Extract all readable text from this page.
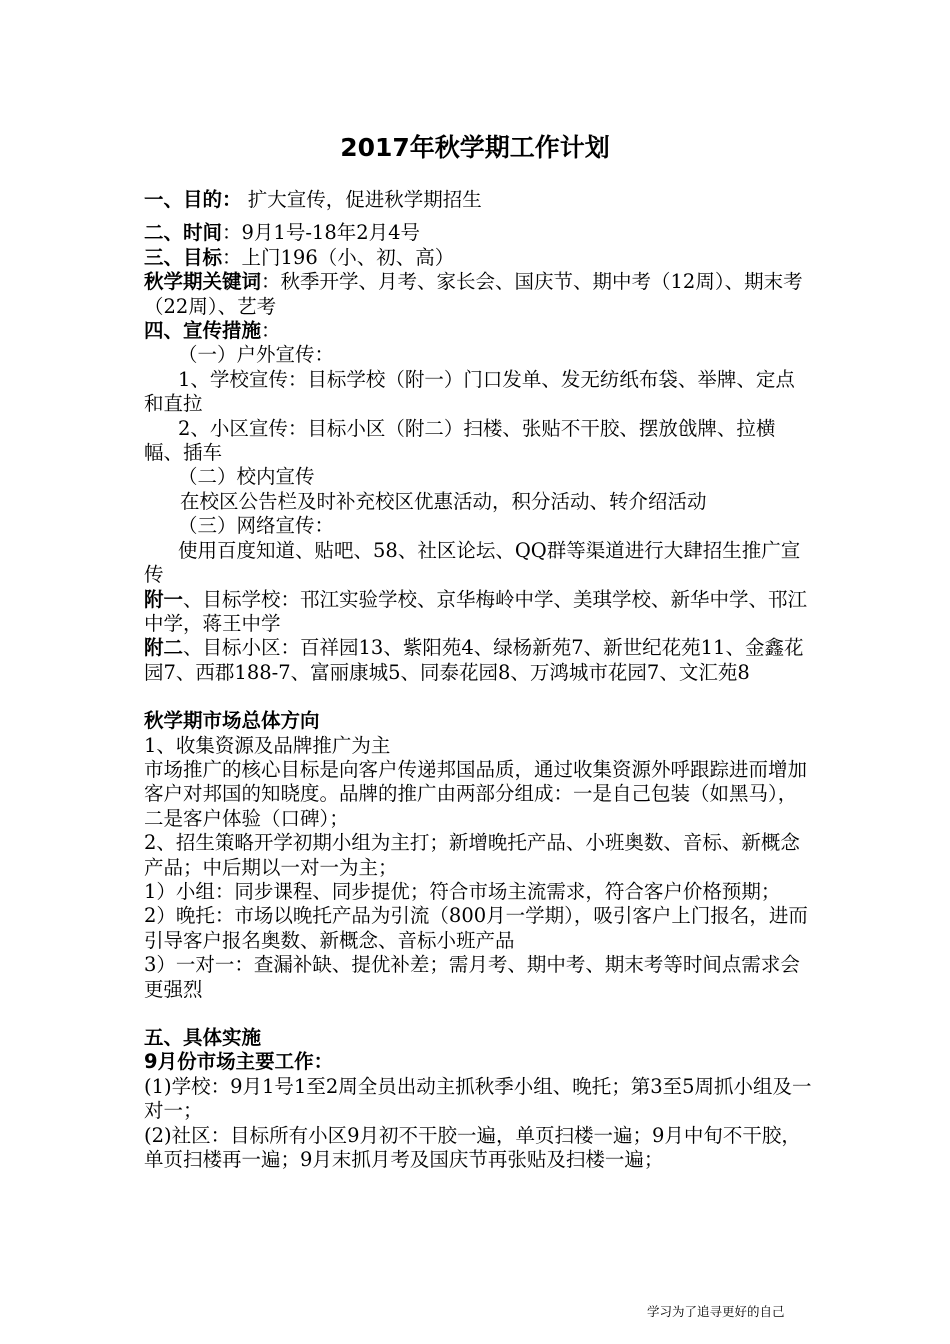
2017年秋学期工作计划

一、目的： 扩大宣传，促进秋学期招生

二、时间：9月1号-18年2月4号

三、目标：上门196（小、初、高）

秋学期关键词：秋季开学、月考、家长会、国庆节、期中考（12周）、期末考（22周）、艺考

四、宣传措施：

（一）户外宣传：

1、学校宣传：目标学校（附一）门口发单、发无纺纸布袋、举牌、定点和直拉

2、小区宣传：目标小区（附二）扫楼、张贴不干胶、摆放戗牌、拉横幅、插车

（二）校内宣传

在校区公告栏及时补充校区优惠活动，积分活动、转介绍活动

（三）网络宣传：

使用百度知道、贴吧、58、社区论坛、QQ群等渠道进行大肆招生推广宣传

附一、目标学校：邗江实验学校、京华梅岭中学、美琪学校、新华中学、邗江中学，蒋王中学

附二、目标小区：百祥园13、紫阳苑4、绿杨新苑7、新世纪花苑11、金鑫花园7、西郡188-7、富丽康城5、同泰花园8、万鸿城市花园7、文汇苑8

秋学期市场总体方向

1、收集资源及品牌推广为主

市场推广的核心目标是向客户传递邦国品质，通过收集资源外呼跟踪进而增加客户对邦国的知晓度。品牌的推广由两部分组成：一是自己包装（如黑马），二是客户体验（口碑）；

2、招生策略开学初期小组为主打；新增晚托产品、小班奥数、音标、新概念产品；中后期以一对一为主；

1）小组：同步课程、同步提优；符合市场主流需求，符合客户价格预期；

2）晚托：市场以晚托产品为引流（800月一学期），吸引客户上门报名，进而引导客户报名奥数、新概念、音标小班产品

3）一对一：查漏补缺、提优补差；需月考、期中考、期末考等时间点需求会更强烈

五、具体实施

9月份市场主要工作：

(1)学校：9月1号1至2周全员出动主抓秋季小组、晚托；第3至5周抓小组及一对一；

(2)社区：目标所有小区9月初不干胶一遍，单页扫楼一遍；9月中旬不干胶，单页扫楼再一遍；9月末抓月考及国庆节再张贴及扫楼一遍；

学习为了追寻更好的自己
